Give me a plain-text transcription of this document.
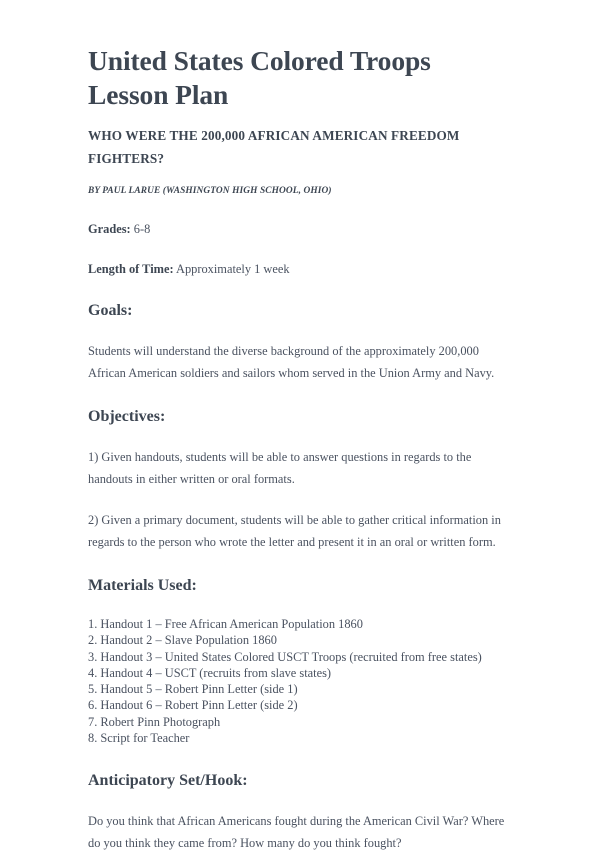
United States Colored Troops Lesson Plan
WHO WERE THE 200,000 AFRICAN AMERICAN FREEDOM FIGHTERS?
BY PAUL LARUE (WASHINGTON HIGH SCHOOL, OHIO)

Grades: 6-8

Length of Time: Approximately 1 week

Goals:

Students will understand the diverse background of the approximately 200,000 African American soldiers and sailors whom served in the Union Army and Navy.

Objectives:

1) Given handouts, students will be able to answer questions in regards to the handouts in either written or oral formats.

2) Given a primary document, students will be able to gather critical information in regards to the person who wrote the letter and present it in an oral or written form.

Materials Used:
1. Handout 1 – Free African American Population 1860
2. Handout 2 – Slave Population 1860
3. Handout 3 – United States Colored USCT Troops (recruited from free states)
4. Handout 4 – USCT (recruits from slave states)
5. Handout 5 – Robert Pinn Letter (side 1)
6. Handout 6 – Robert Pinn Letter (side 2)
7. Robert Pinn Photograph
8. Script for Teacher
Anticipatory Set/Hook:

Do you think that African Americans fought during the American Civil War? Where do you think they came from? How many do you think fought?
